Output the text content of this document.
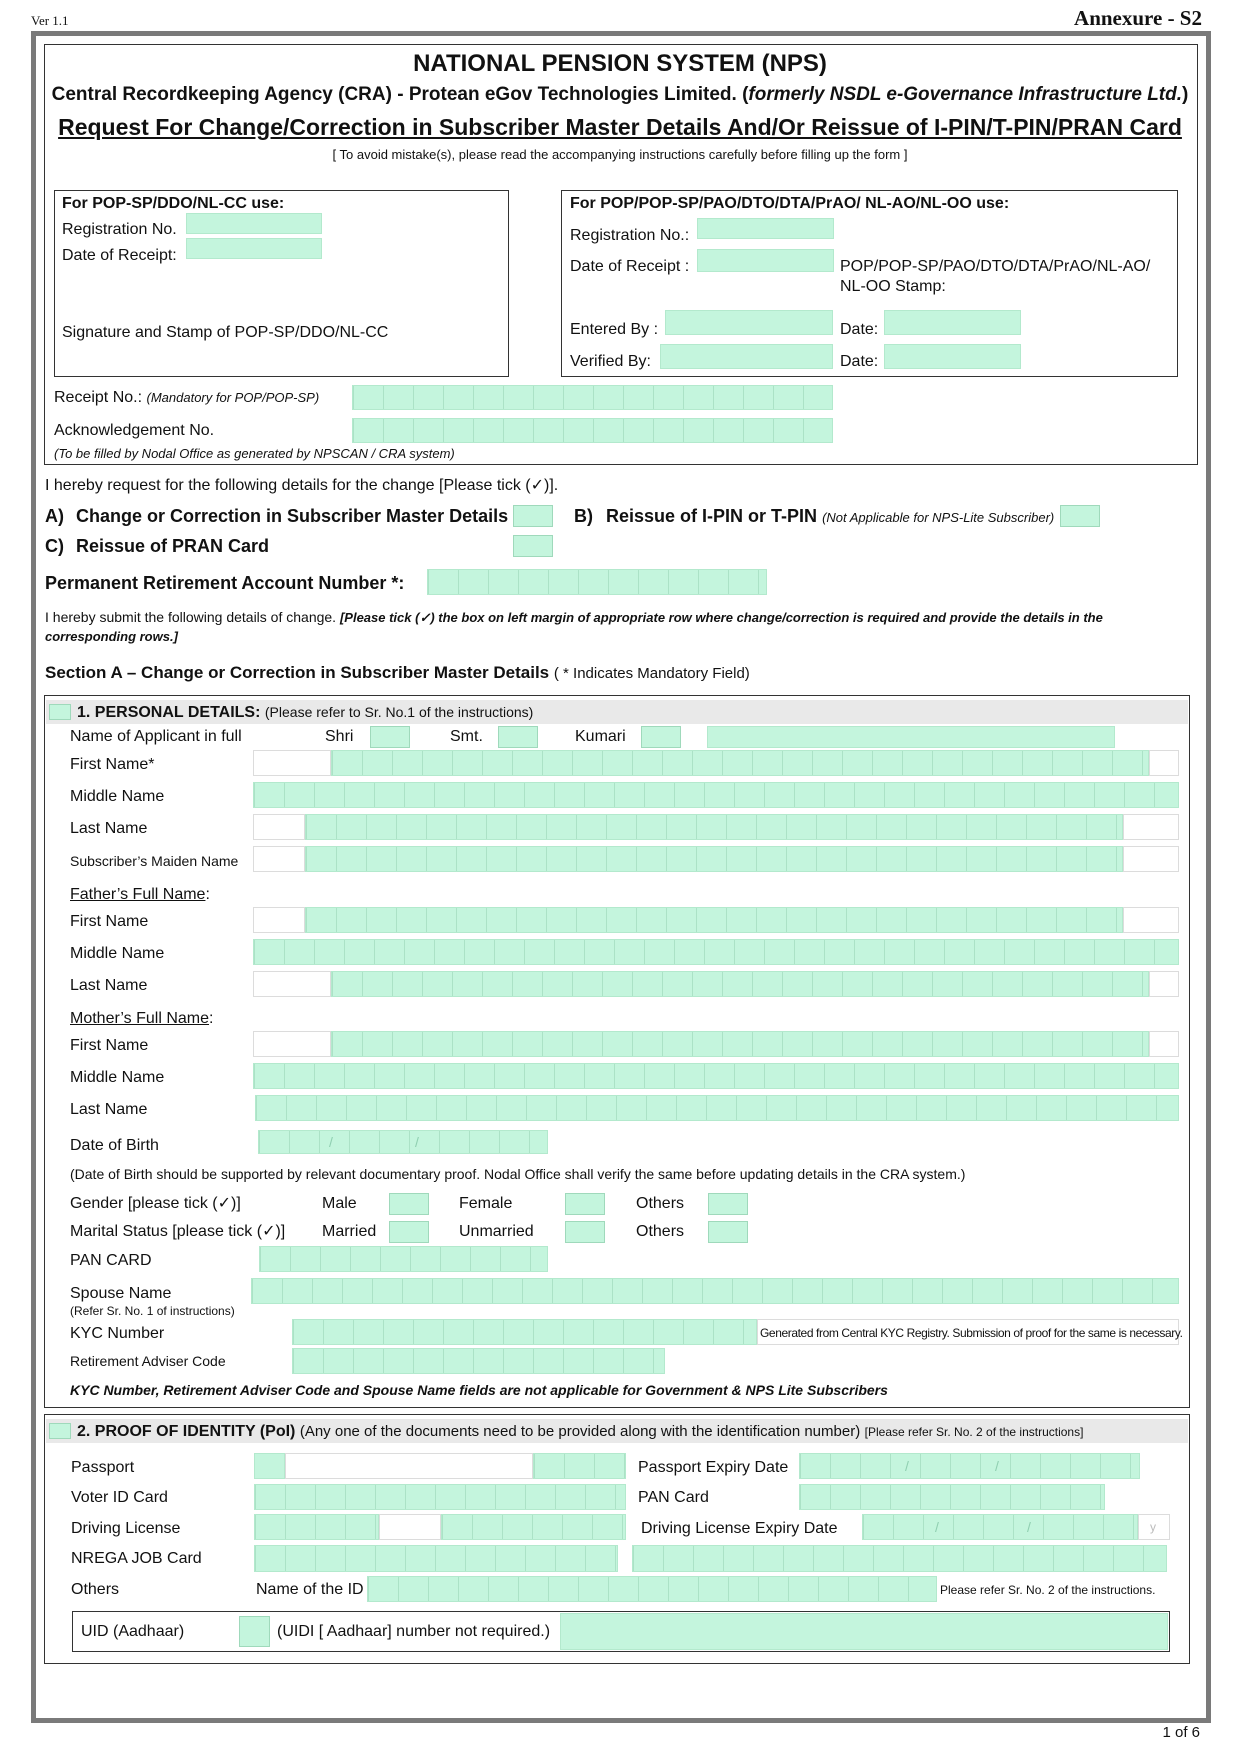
Ver 1.1	Annexure - S2
1 of 6
NATIONAL PENSION SYSTEM (NPS)
Central Recordkeeping Agency (CRA) - Protean eGov Technologies Limited. (formerly NSDL e-Governance Infrastructure Ltd.)
Request For Change/Correction in Subscriber Master Details And/Or Reissue of I-PIN/T-PIN/PRAN Card
[ To avoid mistake(s), please read the accompanying instructions carefully before filling up the form ]
For POP-SP/DDO/NL-CC use:
Registration No.
Date of Receipt:
Signature and Stamp of POP-SP/DDO/NL-CC
For POP/POP-SP/PAO/DTO/DTA/PrAO/ NL-AO/NL-OO use:
Registration No.:
Date of Receipt :	POP/POP-SP/PAO/DTO/DTA/PrAO/NL-AO/
NL-OO Stamp:
Entered By :	Date:
Verified By:	Date:
Receipt No.: (Mandatory for POP/POP-SP)
Acknowledgement No.
(To be filled by Nodal Office as generated by NPSCAN / CRA system)
I hereby request for the following details for the change [Please tick (✓)].
A) Change or Correction in Subscriber Master Details	B) Reissue of I-PIN or T-PIN (Not Applicable for NPS-Lite Subscriber)
C) Reissue of PRAN Card
Permanent Retirement Account Number *:
I hereby submit the following details of change. [Please tick (✓) the box on left margin of appropriate row where change/correction is required and provide the details in the
corresponding rows.]
Section A – Change or Correction in Subscriber Master Details ( * Indicates Mandatory Field)
1. PERSONAL DETAILS: (Please refer to Sr. No.1 of the instructions)
Name of Applicant in full	Shri	Smt.	Kumari
First Name*
Middle Name
Last Name
Subscriber’s Maiden Name
Father’s Full Name:
First Name
Middle Name
Last Name
Mother’s Full Name:
First Name
Middle Name
Last Name
Date of Birth	/	/
(Date of Birth should be supported by relevant documentary proof. Nodal Office shall verify the same before updating details in the CRA system.)
Gender [please tick (✓)]	Male	Female	Others
Marital Status [please tick (✓)] Married	Unmarried	Others
PAN CARD
Spouse Name
(Refer Sr. No. 1 of instructions)
KYC Number	Generated from Central KYC Registry. Submission of proof for the same is necessary.
Retirement Adviser Code
KYC Number, Retirement Adviser Code and Spouse Name fields are not applicable for Government & NPS Lite Subscribers
2. PROOF OF IDENTITY (PoI) (Any one of the documents need to be provided along with the identification number) [Please refer Sr. No. 2 of the instructions]
Passport	Passport Expiry Date	/	/
Voter ID Card	PAN Card
Driving License	Driving License Expiry Date	/	/	y
NREGA JOB Card
Others	Name of the ID	Please refer Sr. No. 2 of the instructions.
UID (Aadhaar)	(UIDI [ Aadhaar] number not required.)
